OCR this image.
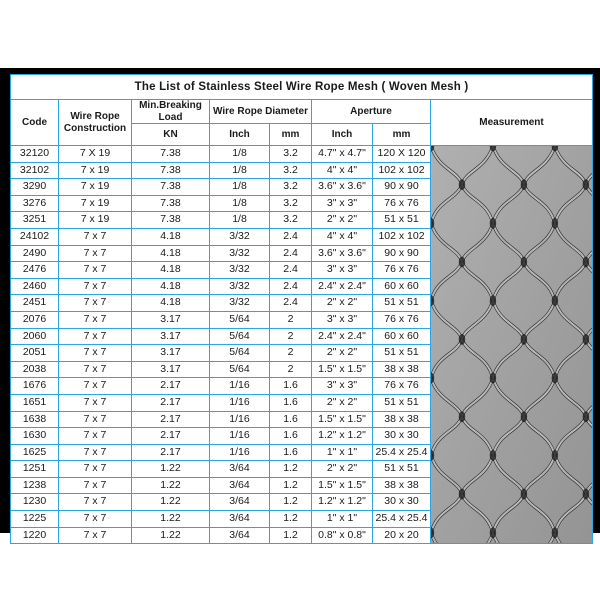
The List of Stainless Steel Wire Rope Mesh ( Woven Mesh )							
Code	Wire Rope Construction	Min.Breaking Load	Wire Rope Diameter		Aperture		Measurement
		KN	Inch	mm	Inch	mm	
32120	7 X 19	7.38	1/8	3.2	4.7" x 4.7"	120 X 120	

32102	7 x 19	7.38	1/8	3.2	4" x 4"	102 x 102	
3290	7 x 19	7.38	1/8	3.2	3.6" x 3.6"	90 x 90	
3276	7 x 19	7.38	1/8	3.2	3" x 3"	76 x 76	
3251	7 x 19	7.38	1/8	3.2	2" x 2"	51 x 51	
24102	7 x 7	4.18	3/32	2.4	4" x 4"	102 x 102	
2490	7 x 7	4.18	3/32	2.4	3.6" x 3.6"	90 x 90	
2476	7 x 7	4.18	3/32	2.4	3" x 3"	76 x 76	
2460	7 x 7	4.18	3/32	2.4	2.4" x 2.4"	60 x 60	
2451	7 x 7	4.18	3/32	2.4	2" x 2"	51 x 51	
2076	7 x 7	3.17	5/64	2	3" x 3"	76 x 76	
2060	7 x 7	3.17	5/64	2	2.4" x 2.4"	60 x 60	
2051	7 x 7	3.17	5/64	2	2" x 2"	51 x 51	
2038	7 x 7	3.17	5/64	2	1.5" x 1.5"	38 x 38	
1676	7 x 7	2.17	1/16	1.6	3" x 3"	76 x 76	
1651	7 x 7	2.17	1/16	1.6	2" x 2"	51 x 51	
1638	7 x 7	2.17	1/16	1.6	1.5" x 1.5"	38 x 38	
1630	7 x 7	2.17	1/16	1.6	1.2" x 1.2"	30 x 30	
1625	7 x 7	2.17	1/16	1.6	1" x 1"	25.4 x 25.4	
1251	7 x 7	1.22	3/64	1.2	2" x 2"	51 x 51	
1238	7 x 7	1.22	3/64	1.2	1.5" x 1.5"	38 x 38	
1230	7 x 7	1.22	3/64	1.2	1.2" x 1.2"	30 x 30	
1225	7 x 7	1.22	3/64	1.2	1" x 1"	25.4 x 25.4	
1220	7 x 7	1.22	3/64	1.2	0.8" x 0.8"	20 x 20	
